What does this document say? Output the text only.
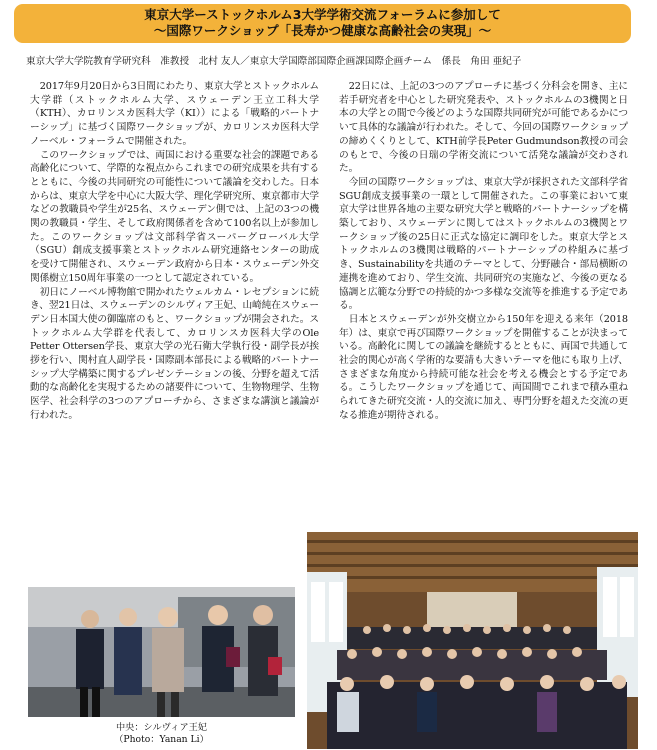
東京大学ーストックホルム3大学学術交流フォーラムに参加して
～国際ワークショップ「長寿かつ健康な高齢社会の実現」～
東京大学大学院教育学研究科　准教授　北村 友人／東京大学国際部国際企画課国際企画チーム　係長　角田 亜紀子

2017年9月20日から3日間にわたり、東京大学とストックホルム大学群（ストックホルム大学、スウェーデン王立工科大学（KTH）、カロリンスカ医科大学（KI））による「戦略的パートナーシップ」に基づく国際ワークショップが、カロリンスカ医科大学ノーベル・フォーラムで開催された。

このワークショップでは、両国における重要な社会的課題である高齢化について、学際的な視点からこれまでの研究成果を共有するとともに、今後の共同研究の可能性について議論を交わした。日本からは、東京大学を中心に大阪大学、理化学研究所、東京都市大学などの教職員や学生が25名、スウェーデン側では、上記の3つの機関の教職員・学生、そして政府関係者を含めて100名以上が参加した。このワークショップは文部科学省スーパーグローバル大学（SGU）創成支援事業とストックホルム研究連絡センターの助成を受けて開催され、スウェーデン政府から日本・スウェーデン外交関係樹立150周年事業の一つとして認定されている。

初日にノーベル博物館で開かれたウェルカム・レセプションに続き、翌21日は、スウェーデンのシルヴィア王妃、山崎純在スウェーデン日本国大使の御臨席のもと、ワークショップが開会された。ストックホルム大学群を代表して、カロリンスカ医科大学のOle Petter Ottersen学長、東京大学の光石衛大学執行役・副学長が挨拶を行い、関村直人副学長・国際副本部長による戦略的パートナーシップ大学構築に関するプレゼンテーションの後、分野を超えて活動的な高齢化を実現するための諸要件について、生物物理学、生物医学、社会科学の3つのアプローチから、さまざまな講演と議論が行われた。

22日には、上記の3つのアプローチに基づく分科会を開き、主に若手研究者を中心とした研究発表や、ストックホルムの3機関と日本の大学との間で今後どのような国際共同研究が可能であるかについて具体的な議論が行われた。そして、今回の国際ワークショップの締めくくりとして、KTH前学長Peter Gudmundson教授の司会のもとで、今後の日瑞の学術交流について活発な議論が交わされた。

今回の国際ワークショップは、東京大学が採択された文部科学省SGU創成支援事業の一環として開催された。この事業において東京大学は世界各地の主要な研究大学と戦略的パートナーシップを構築しており、スウェーデンに関してはストックホルムの3機関とワークショップ後の25日に正式な協定に調印をした。東京大学とストックホルムの3機関は戦略的パートナーシップの枠組みに基づき、Sustainabilityを共通のテーマとして、分野融合・部局横断の連携を進めており、学生交流、共同研究の実施など、今後の更なる協調と広範な分野での持続的かつ多様な交流等を推進する予定である。

日本とスウェーデンが外交樹立から150年を迎える来年（2018年）は、東京で再び国際ワークショップを開催することが決まっている。高齢化に関しての議論を継続するとともに、両国で共通して社会的関心が高く学術的な要請も大きいテーマを他にも取り上げ、さまざまな角度から持続可能な社会を考える機会とする予定である。こうしたワークショップを通じて、両国間でこれまで積み重ねられてきた研究交流・人的交流に加え、専門分野を超えた交流の更なる推進が期待される。

中央：シルヴィア王妃
（Photo：Yanan Li）
